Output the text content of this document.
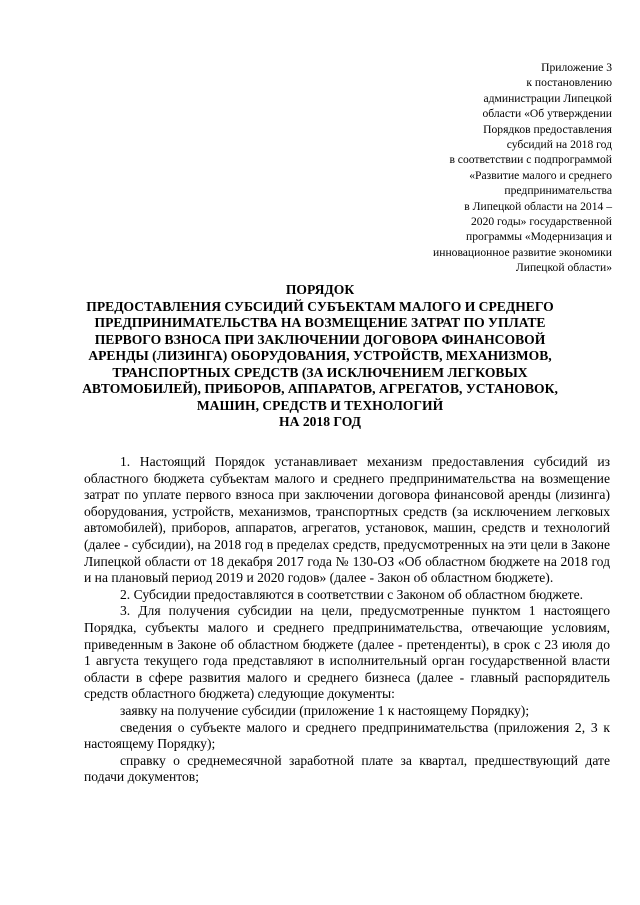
Приложение 3
к постановлению
администрации Липецкой
области «Об утверждении
Порядков предоставления
субсидий на 2018 год
в соответствии с подпрограммой
«Развитие малого и среднего
предпринимательства
в Липецкой области на 2014 –
2020 годы» государственной
программы «Модернизация и
инновационное развитие экономики
Липецкой области»
ПОРЯДОК
ПРЕДОСТАВЛЕНИЯ СУБСИДИЙ СУБЪЕКТАМ МАЛОГО И СРЕДНЕГО
ПРЕДПРИНИМАТЕЛЬСТВА НА ВОЗМЕЩЕНИЕ ЗАТРАТ ПО УПЛАТЕ
ПЕРВОГО ВЗНОСА ПРИ ЗАКЛЮЧЕНИИ ДОГОВОРА ФИНАНСОВОЙ
АРЕНДЫ (ЛИЗИНГА) ОБОРУДОВАНИЯ, УСТРОЙСТВ, МЕХАНИЗМОВ,
ТРАНСПОРТНЫХ СРЕДСТВ (ЗА ИСКЛЮЧЕНИЕМ ЛЕГКОВЫХ
АВТОМОБИЛЕЙ), ПРИБОРОВ, АППАРАТОВ, АГРЕГАТОВ, УСТАНОВОК,
МАШИН, СРЕДСТВ И ТЕХНОЛОГИЙ
НА 2018 ГОД

1. Настоящий Порядок устанавливает механизм предоставления субсидий из областного бюджета субъектам малого и среднего предпринимательства на возмещение затрат по уплате первого взноса при заключении договора финансовой аренды (лизинга) оборудования, устройств, механизмов, транспортных средств (за исключением легковых автомобилей), приборов, аппаратов, агрегатов, установок, машин, средств и технологий (далее - субсидии), на 2018 год в пределах средств, предусмотренных на эти цели в Законе Липецкой области от 18 декабря 2017 года № 130-ОЗ «Об областном бюджете на 2018 год и на плановый период 2019 и 2020 годов» (далее - Закон об областном бюджете).

2. Субсидии предоставляются в соответствии с Законом об областном бюджете.

3. Для получения субсидии на цели, предусмотренные пунктом 1 настоящего Порядка, субъекты малого и среднего предпринимательства, отвечающие условиям, приведенным в Законе об областном бюджете (далее - претенденты), в срок с 23 июля до 1 августа текущего года представляют в исполнительный орган государственной власти области в сфере развития малого и среднего бизнеса (далее - главный распорядитель средств областного бюджета) следующие документы:

заявку на получение субсидии (приложение 1 к настоящему Порядку);

сведения о субъекте малого и среднего предпринимательства (приложения 2, 3 к настоящему Порядку);

справку о среднемесячной заработной плате за квартал, предшествующий дате подачи документов;
